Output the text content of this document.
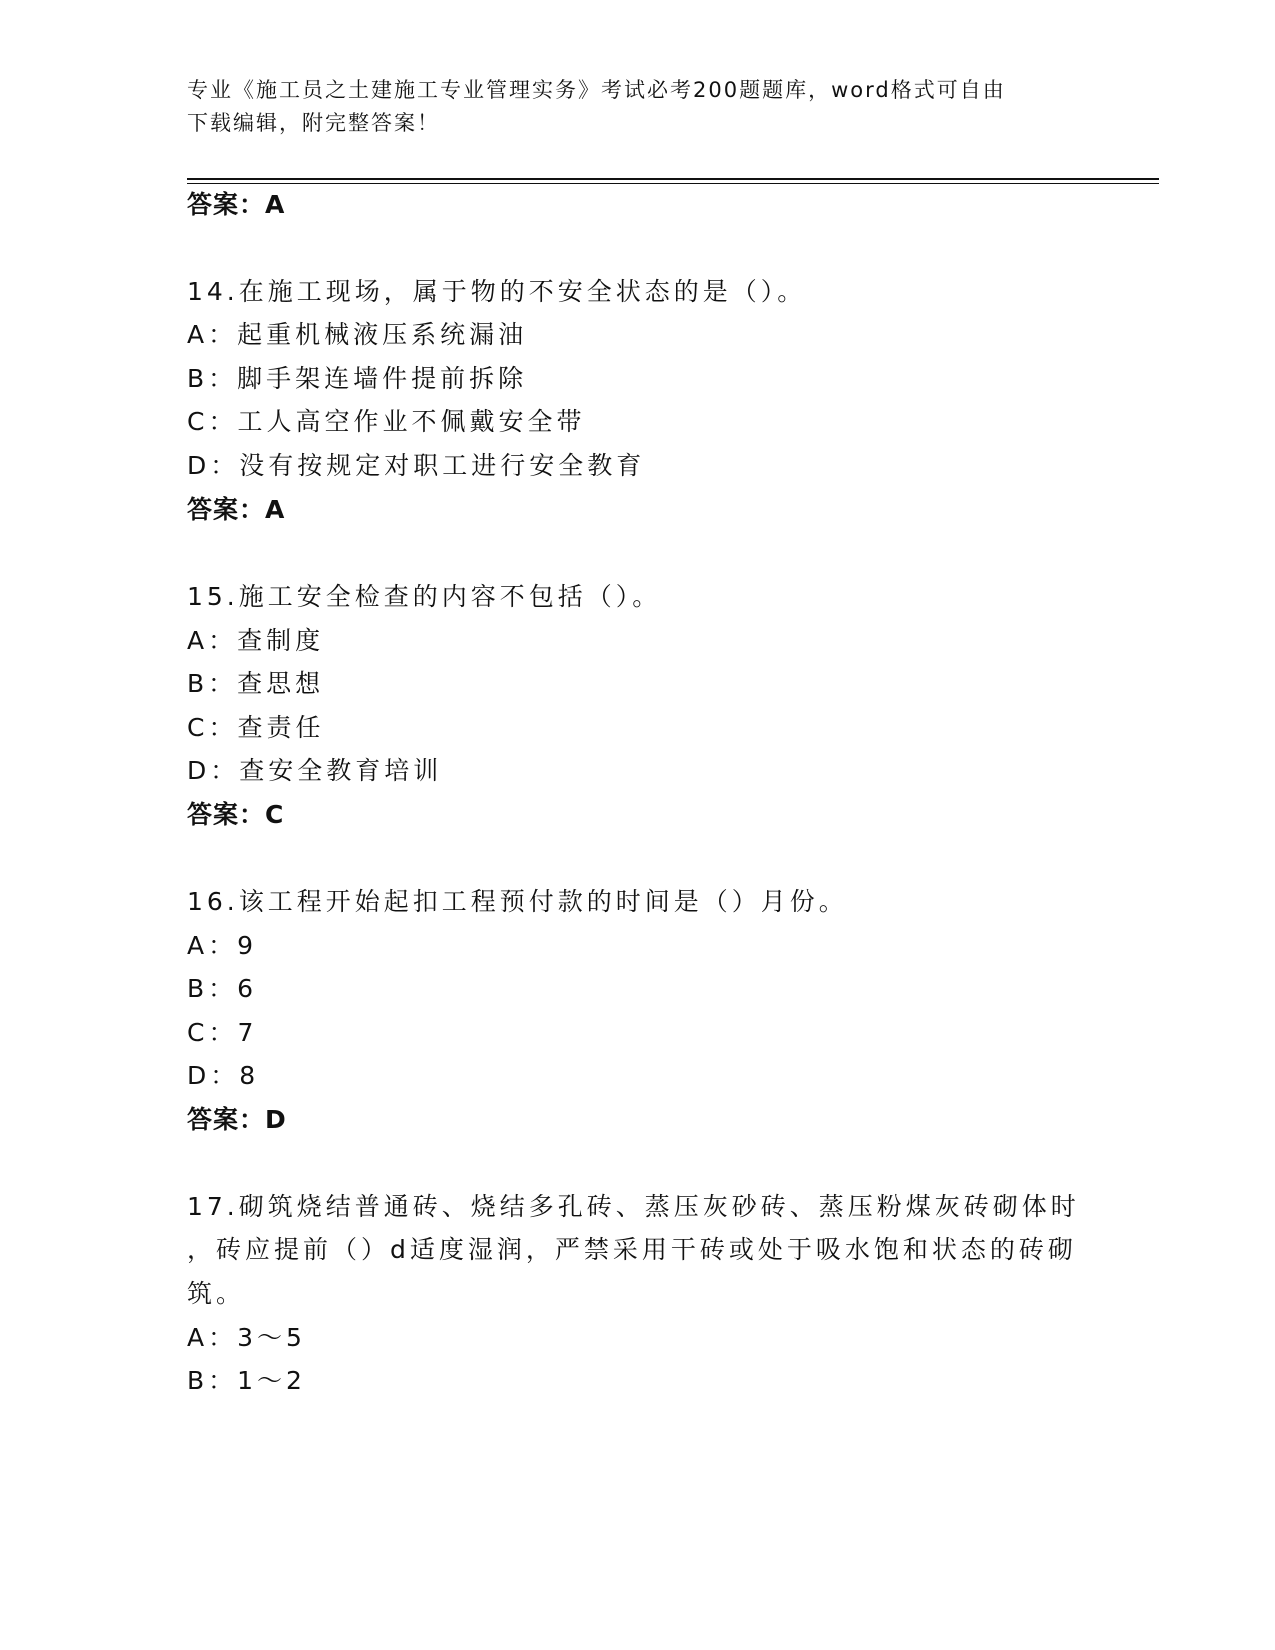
专业《施工员之土建施工专业管理实务》考试必考200题题库，word格式可自由
下载编辑，附完整答案！
答案：A
14.在施工现场，属于物的不安全状态的是（）。
A：起重机械液压系统漏油
B：脚手架连墙件提前拆除
C：工人高空作业不佩戴安全带
D：没有按规定对职工进行安全教育
答案：A
15.施工安全检查的内容不包括（）。
A：查制度
B：查思想
C：查责任
D：查安全教育培训
答案：C
16.该工程开始起扣工程预付款的时间是（）月份。
A：9
B：6
C：7
D：8
答案：D
17.砌筑烧结普通砖、烧结多孔砖、蒸压灰砂砖、蒸压粉煤灰砖砌体时
，砖应提前（）d适度湿润，严禁采用干砖或处于吸水饱和状态的砖砌
筑。
A：3～5
B：1～2
